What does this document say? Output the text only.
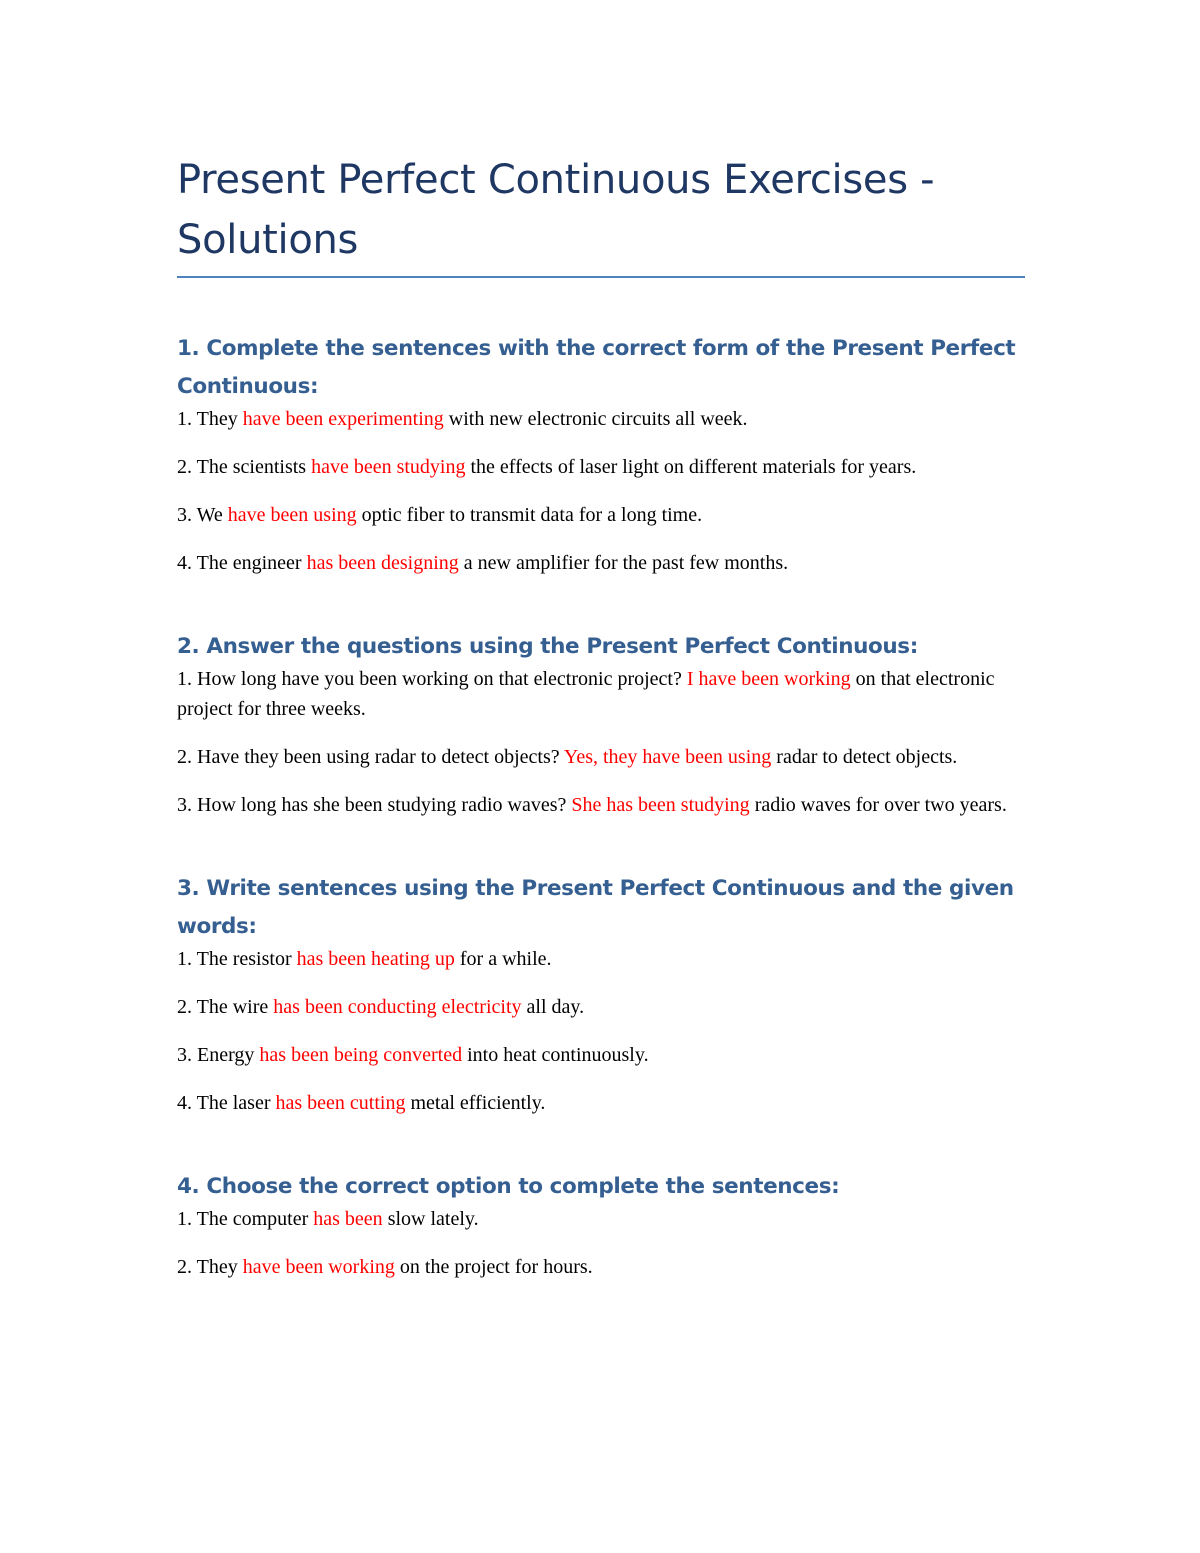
Present Perfect Continuous Exercises - Solutions
1. Complete the sentences with the correct form of the Present Perfect Continuous:

1. They have been experimenting with new electronic circuits all week.

2. The scientists have been studying the effects of laser light on different materials for years.

3. We have been using optic fiber to transmit data for a long time.

4. The engineer has been designing a new amplifier for the past few months.

2. Answer the questions using the Present Perfect Continuous:

1. How long have you been working on that electronic project? I have been working on that electronic project for three weeks.

2. Have they been using radar to detect objects? Yes, they have been using radar to detect objects.

3. How long has she been studying radio waves? She has been studying radio waves for over two years.

3. Write sentences using the Present Perfect Continuous and the given words:

1. The resistor has been heating up for a while.

2. The wire has been conducting electricity all day.

3. Energy has been being converted into heat continuously.

4. The laser has been cutting metal efficiently.

4. Choose the correct option to complete the sentences:

1. The computer has been slow lately.

2. They have been working on the project for hours.
